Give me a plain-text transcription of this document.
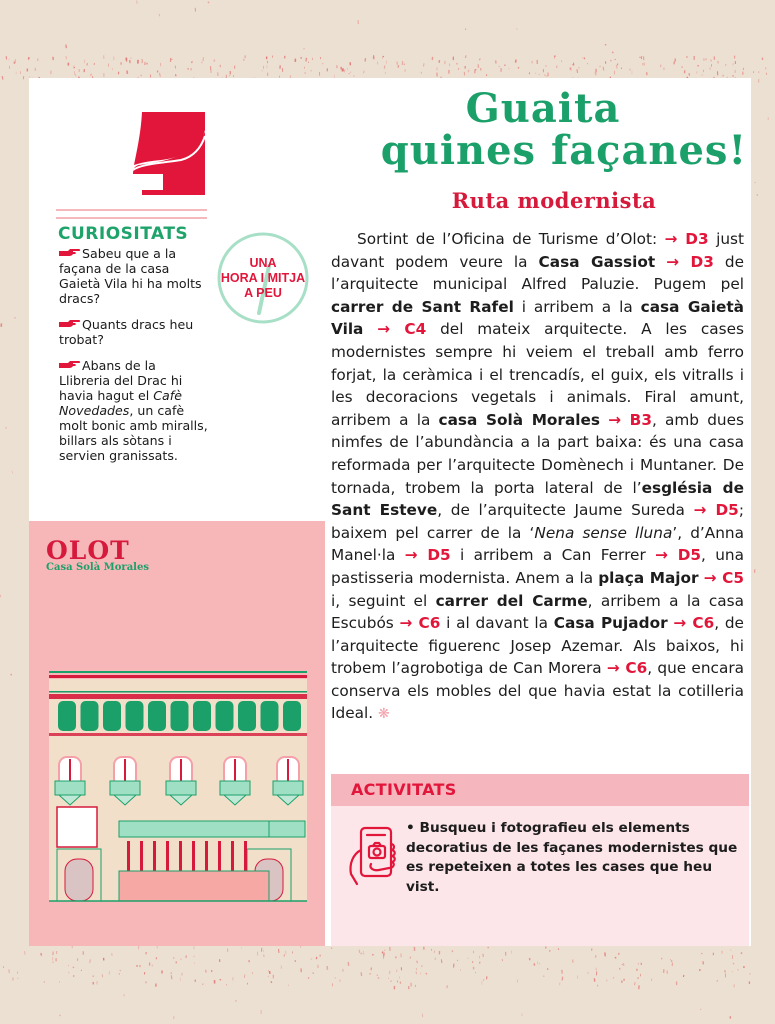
CURIOSITATS

Sabeu que a la façana de la casa Gaietà Vila hi ha molts dracs?

Quants dracs heu trobat?

Abans de la Llibreria del Drac hi havia hagut el Cafè Novedades, un cafè molt bonic amb miralls, billars als sòtans i servien granissats.

UNA
HORA I MITJA
A PEU
Guaita
quines façanes!
Ruta modernista
Sortint de l’Oficina de Turisme d’Olot: → D3 just davant podem veure la Casa Gassiot → D3 de l’arquitecte municipal Alfred Paluzie. Pugem pel carrer de Sant Rafel i arribem a la casa Gaietà Vila → C4 del mateix arquitecte. A les cases modernistes sempre hi veiem el treball amb ferro forjat, la ceràmica i el trencadís, el guix, els vitralls i les decoracions vegetals i animals. Firal amunt, arribem a la casa Solà Morales → B3, amb dues nimfes de l’abundància a la part baixa: és una casa reformada per l’arquitecte Domènech i Muntaner. De tornada, trobem la porta lateral de l’església de Sant Esteve, de l’arquitecte Jaume Sureda → D5; baixem pel carrer de la ‘Nena sense lluna’, d’Anna Manel·la → D5 i arribem a Can Ferrer → D5, una pastisseria modernista. Anem a la plaça Major → C5 i, seguint el carrer del Carme, arribem a la casa Escubós → C6 i al davant la Casa Pujador → C6, de l’arquitecte figuerenc Josep Azemar. Als baixos, hi trobem l’agrobotiga de Can Morera → C6, que encara conserva els mobles del que havia estat la cotilleria Ideal. ❋
ACTIVITATS
• Busqueu i fotografieu els elements decoratius de les façanes modernistes que es repeteixen a totes les cases que heu vist.
OLOT
Casa Solà Morales
